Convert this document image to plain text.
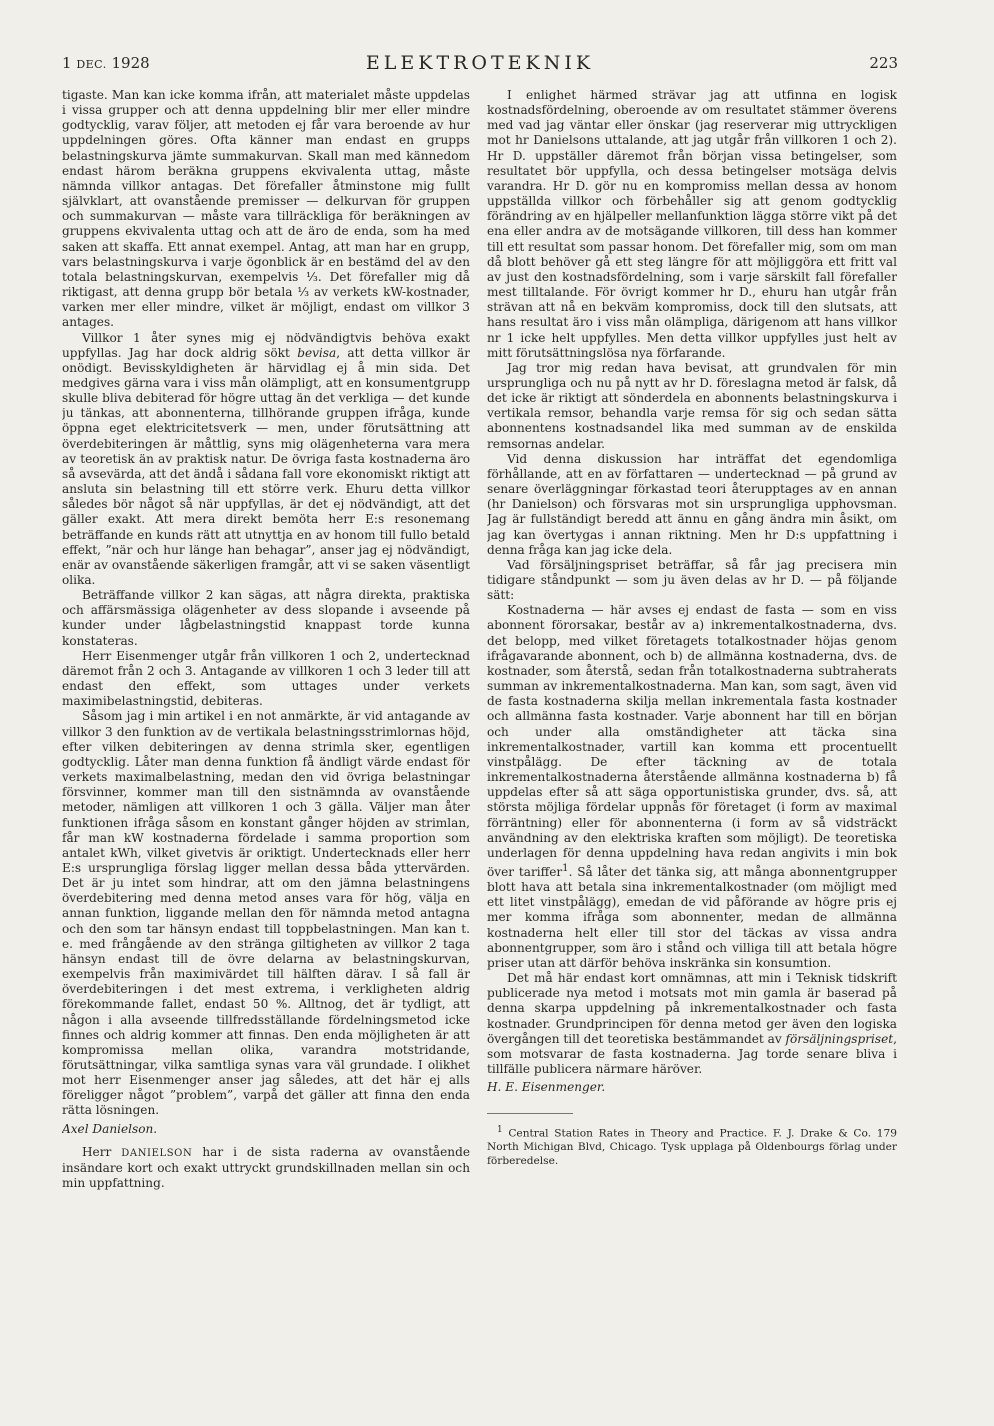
1 DEC. 1928	ELEKTROTEKNIK	223

tigaste. Man kan icke komma ifrån, att materialet måste uppdelas i vissa grupper och att denna uppdelning blir mer eller mindre godtycklig, varav följer, att metoden ej får vara beroende av hur uppdelningen göres. Ofta känner man endast en grupps belastningskurva jämte summakurvan. Skall man med kännedom endast härom beräkna gruppens ekvivalenta uttag, måste nämnda villkor antagas. Det förefaller åtminstone mig fullt självklart, att ovanstående premisser — delkurvan för gruppen och summakurvan — måste vara tillräckliga för beräkningen av gruppens ekvivalenta uttag och att de äro de enda, som ha med saken att skaffa. Ett annat exempel. Antag, att man har en grupp, vars belastningskurva i varje ögonblick är en bestämd del av den totala belastningskurvan, exempelvis ⅓. Det förefaller mig då riktigast, att denna grupp bör betala ⅓ av verkets kW-kostnader, varken mer eller mindre, vilket är möjligt, endast om villkor 3 antages.

Villkor 1 åter synes mig ej nödvändigtvis behöva exakt uppfyllas. Jag har dock aldrig sökt bevisa, att detta villkor är onödigt. Bevisskyldigheten är härvidlag ej å min sida. Det medgives gärna vara i viss mån olämpligt, att en konsumentgrupp skulle bliva debiterad för högre uttag än det verkliga — det kunde ju tänkas, att abonnenterna, tillhörande gruppen ifråga, kunde öppna eget elektricitetsverk — men, under förutsättning att överdebiteringen är måttlig, syns mig olägenheterna vara mera av teoretisk än av praktisk natur. De övriga fasta kostnaderna äro så avsevärda, att det ändå i sådana fall vore ekonomiskt riktigt att ansluta sin belastning till ett större verk. Ehuru detta villkor således bör något så när uppfyllas, är det ej nödvändigt, att det gäller exakt. Att mera direkt bemöta herr E:s resonemang beträffande en kunds rätt att utnyttja en av honom till fullo betald effekt, ”när och hur länge han behagar”, anser jag ej nödvändigt, enär av ovanstående säkerligen framgår, att vi se saken väsentligt olika.

Beträffande villkor 2 kan sägas, att några direkta, praktiska och affärsmässiga olägenheter av dess slopande i avseende på kunder under lågbelastningstid knappast torde kunna konstateras.

Herr Eisenmenger utgår från villkoren 1 och 2, undertecknad däremot från 2 och 3. Antagande av villkoren 1 och 3 leder till att endast den effekt, som uttages under verkets maximibelastningstid, debiteras.

Såsom jag i min artikel i en not anmärkte, är vid antagande av villkor 3 den funktion av de vertikala belastningsstrimlornas höjd, efter vilken debiteringen av denna strimla sker, egentligen godtycklig. Låter man denna funktion få ändligt värde endast för verkets maximalbelastning, medan den vid övriga belastningar försvinner, kommer man till den sistnämnda av ovanstående metoder, nämligen att villkoren 1 och 3 gälla. Väljer man åter funktionen ifråga såsom en konstant gånger höjden av strimlan, får man kW kostnaderna fördelade i samma proportion som antalet kWh, vilket givetvis är oriktigt. Undertecknads eller herr E:s ursprungliga förslag ligger mellan dessa båda yttervärden. Det är ju intet som hindrar, att om den jämna belastningens överdebitering med denna metod anses vara för hög, välja en annan funktion, liggande mellan den för nämnda metod antagna och den som tar hänsyn endast till toppbelastningen. Man kan t. e. med frångående av den stränga giltigheten av villkor 2 taga hänsyn endast till de övre delarna av belastningskurvan, exempelvis från maximivärdet till hälften därav. I så fall är överdebiteringen i det mest extrema, i verkligheten aldrig förekommande fallet, endast 50 %. Alltnog, det är tydligt, att någon i alla avseende tillfredsställande fördelningsmetod icke finnes och aldrig kommer att finnas. Den enda möjligheten är att kompromissa mellan olika, varandra motstridande, förutsättningar, vilka samtliga synas vara väl grundade. I olikhet mot herr Eisenmenger anser jag således, att det här ej alls föreligger något ”problem”, varpå det gäller att finna den enda rätta lösningen.

Axel Danielson.

Herr DANIELSON har i de sista raderna av ovanstående insändare kort och exakt uttryckt grundskillnaden mellan sin och min uppfattning.

I enlighet härmed strävar jag att utfinna en logisk kostnadsfördelning, oberoende av om resultatet stämmer överens med vad jag väntar eller önskar (jag reserverar mig uttryckligen mot hr Danielsons uttalande, att jag utgår från villkoren 1 och 2). Hr D. uppställer däremot från början vissa betingelser, som resultatet bör uppfylla, och dessa betingelser motsäga delvis varandra. Hr D. gör nu en kompromiss mellan dessa av honom uppställda villkor och förbehåller sig att genom godtycklig förändring av en hjälpeller mellanfunktion lägga större vikt på det ena eller andra av de motsägande villkoren, till dess han kommer till ett resultat som passar honom. Det förefaller mig, som om man då blott behöver gå ett steg längre för att möjliggöra ett fritt val av just den kostnadsfördelning, som i varje särskilt fall förefaller mest tilltalande. För övrigt kommer hr D., ehuru han utgår från strävan att nå en bekväm kompromiss, dock till den slutsats, att hans resultat äro i viss mån olämpliga, därigenom att hans villkor nr 1 icke helt uppfylles. Men detta villkor uppfylles just helt av mitt förutsättningslösa nya förfarande.

Jag tror mig redan hava bevisat, att grundvalen för min ursprungliga och nu på nytt av hr D. föreslagna metod är falsk, då det icke är riktigt att sönderdela en abonnents belastningskurva i vertikala remsor, behandla varje remsa för sig och sedan sätta abonnentens kostnadsandel lika med summan av de enskilda remsornas andelar.

Vid denna diskussion har inträffat det egendomliga förhållande, att en av författaren — undertecknad — på grund av senare överläggningar förkastad teori återupptages av en annan (hr Danielson) och försvaras mot sin ursprungliga upphovsman. Jag är fullständigt beredd att ännu en gång ändra min åsikt, om jag kan övertygas i annan riktning. Men hr D:s uppfattning i denna fråga kan jag icke dela.

Vad försäljningspriset beträffar, så får jag precisera min tidigare ståndpunkt — som ju även delas av hr D. — på följande sätt:

Kostnaderna — här avses ej endast de fasta — som en viss abonnent förorsakar, består av a) inkrementalkostnaderna, dvs. det belopp, med vilket företagets totalkostnader höjas genom ifrågavarande abonnent, och b) de allmänna kostnaderna, dvs. de kostnader, som återstå, sedan från totalkostnaderna subtraherats summan av inkrementalkostnaderna. Man kan, som sagt, även vid de fasta kostnaderna skilja mellan inkrementala fasta kostnader och allmänna fasta kostnader. Varje abonnent har till en början och under alla omständigheter att täcka sina inkrementalkostnader, vartill kan komma ett procentuellt vinstpålägg. De efter täckning av de totala inkrementalkostnaderna återstående allmänna kostnaderna b) få uppdelas efter så att säga opportunistiska grunder, dvs. så, att största möjliga fördelar uppnås för företaget (i form av maximal förräntning) eller för abonnenterna (i form av så vidsträckt användning av den elektriska kraften som möjligt). De teoretiska underlagen för denna uppdelning hava redan angivits i min bok över tariffer$^1$. Så låter det tänka sig, att många abonnentgrupper blott hava att betala sina inkrementalkostnader (om möjligt med ett litet vinstpålägg), emedan de vid påförande av högre pris ej mer komma ifråga som abonnenter, medan de allmänna kostnaderna helt eller till stor del täckas av vissa andra abonnentgrupper, som äro i stånd och villiga till att betala högre priser utan att därför behöva inskränka sin konsumtion.

Det må här endast kort omnämnas, att min i Teknisk tidskrift publicerade nya metod i motsats mot min gamla är baserad på denna skarpa uppdelning på inkrementalkostnader och fasta kostnader. Grundprincipen för denna metod ger även den logiska övergången till det teoretiska bestämmandet av försäljningspriset, som motsvarar de fasta kostnaderna. Jag torde senare bliva i tillfälle publicera närmare häröver.

H. E. Eisenmenger.

$^1$ Central Station Rates in Theory and Practice. F. J. Drake & Co. 179 North Michigan Blvd, Chicago. Tysk upplaga på Oldenbourgs förlag under förberedelse.
